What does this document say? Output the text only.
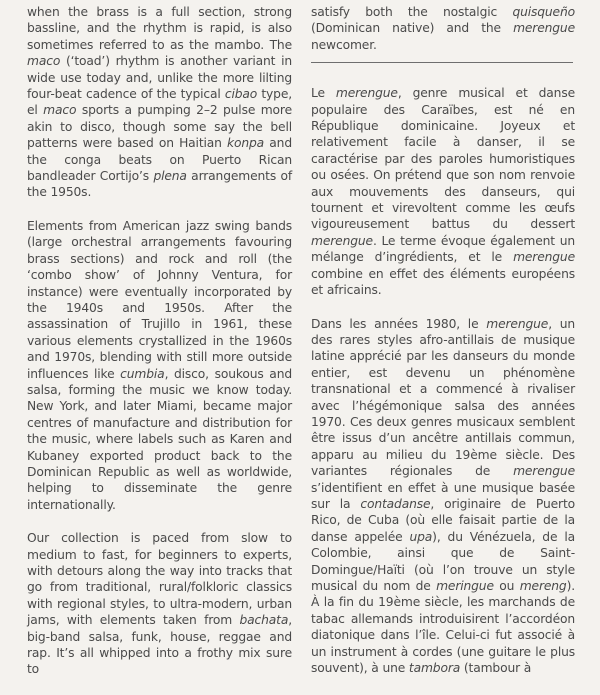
when the brass is a full section, strong bassline, and the rhythm is rapid, is also sometimes referred to as the mambo. The maco (‘toad’) rhythm is another variant in wide use today and, unlike the more lilting four-beat cadence of the typical cibao type, el maco sports a pumping 2–2 pulse more akin to disco, though some say the bell patterns were based on Haitian konpa and the conga beats on Puerto Rican bandleader Cortijo’s plena arrangements of the 1950s.

Elements from American jazz swing bands (large orchestral arrangements favouring brass sections) and rock and roll (the ‘combo show’ of Johnny Ventura, for instance) were eventually incorporated by the 1940s and 1950s. After the assassination of Trujillo in 1961, these various elements crystallized in the 1960s and 1970s, blending with still more outside influences like cumbia, disco, soukous and salsa, forming the music we know today. New York, and later Miami, became major centres of manufacture and distribution for the music, where labels such as Karen and Kubaney exported product back to the Dominican Republic as well as worldwide, helping to disseminate the genre internationally.

Our collection is paced from slow to medium to fast, for beginners to experts, with detours along the way into tracks that go from traditional, rural/folkloric classics with regional styles, to ultra-modern, urban jams, with elements taken from bachata, big-band salsa, funk, house, reggae and rap. It’s all whipped into a frothy mix sure to

satisfy both the nostalgic quisqueño (Dominican native) and the merengue newcomer.

Le merengue, genre musical et danse populaire des Caraïbes, est né en République dominicaine. Joyeux et relativement facile à danser, il se caractérise par des paroles humoristiques ou osées. On prétend que son nom renvoie aux mouvements des danseurs, qui tournent et virevoltent comme les œufs vigoureusement battus du dessert merengue. Le terme évoque également un mélange d’ingrédients, et le merengue combine en effet des éléments européens et africains.

Dans les années 1980, le merengue, un des rares styles afro-antillais de musique latine apprécié par les danseurs du monde entier, est devenu un phénomène transnational et a commencé à rivaliser avec l’hégémonique salsa des années 1970. Ces deux genres musicaux semblent être issus d’un ancêtre antillais commun, apparu au milieu du 19ème siècle. Des variantes régionales de merengue s’identifient en effet à une musique basée sur la contadanse, originaire de Puerto Rico, de Cuba (où elle faisait partie de la danse appelée upa), du Vénézuela, de la Colombie, ainsi que de Saint-Domingue/Haïti (où l’on trouve un style musical du nom de meringue ou mereng). À la fin du 19ème siècle, les marchands de tabac allemands introduisirent l’accordéon diatonique dans l’île. Celui-ci fut associé à un instrument à cordes (une guitare le plus souvent), à une tambora (tambour à
